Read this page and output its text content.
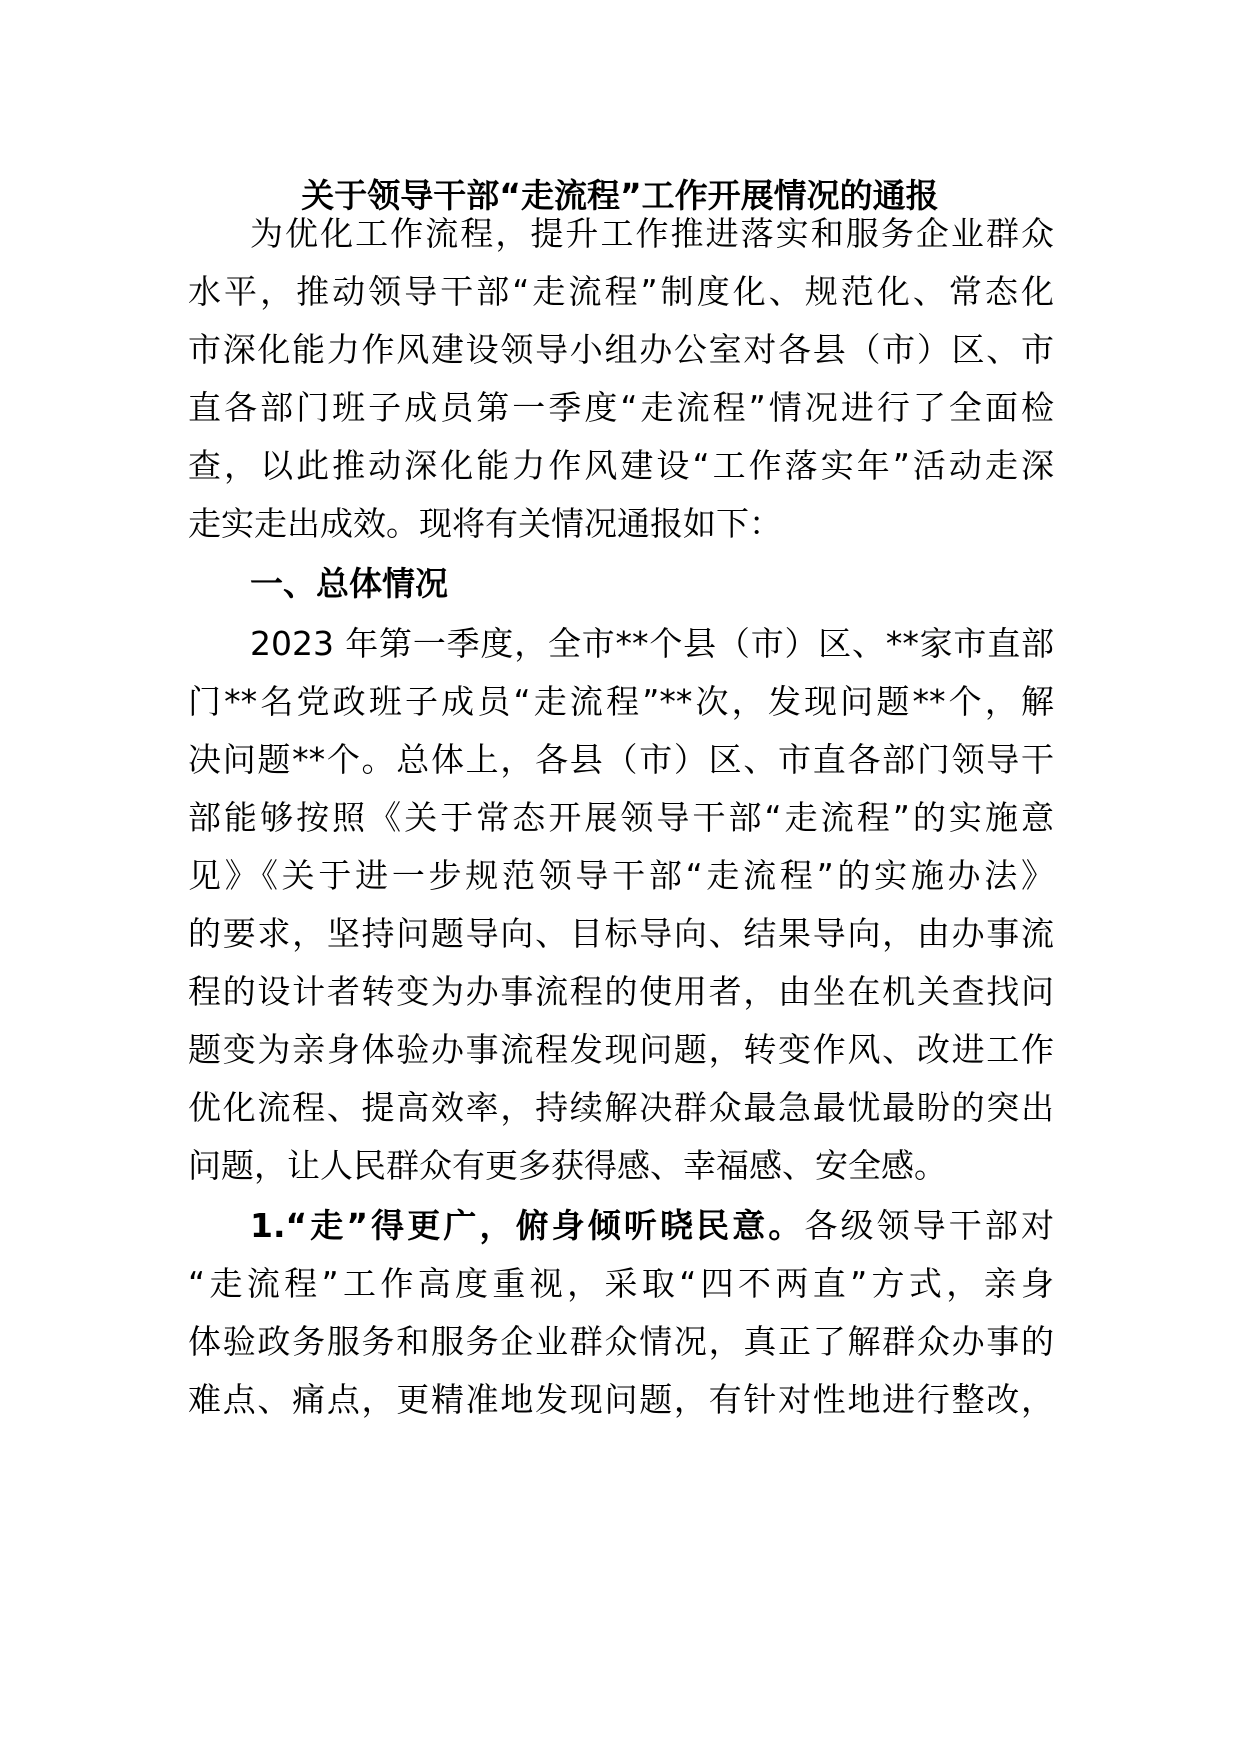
关于领导干部“走流程”工作开展情况的通报
为优化工作流程，提升工作推进落实和服务企业群众
水平，推动领导干部“走流程”制度化、规范化、常态化
市深化能力作风建设领导小组办公室对各县（市）区、市
直各部门班子成员第一季度“走流程”情况进行了全面检
查，以此推动深化能力作风建设“工作落实年”活动走深
走实走出成效。现将有关情况通报如下：
一、总体情况
2023 年第一季度，全市**个县（市）区、**家市直部
门**名党政班子成员“走流程”**次，发现问题**个，解
决问题**个。总体上，各县（市）区、市直各部门领导干
部能够按照《关于常态开展领导干部“走流程”的实施意
见》《关于进一步规范领导干部“走流程”的实施办法》
的要求，坚持问题导向、目标导向、结果导向，由办事流
程的设计者转变为办事流程的使用者，由坐在机关查找问
题变为亲身体验办事流程发现问题，转变作风、改进工作
优化流程、提高效率，持续解决群众最急最忧最盼的突出
问题，让人民群众有更多获得感、幸福感、安全感。
1.“走”得更广，俯身倾听晓民意。各级领导干部对
“走流程”工作高度重视，采取“四不两直”方式，亲身
体验政务服务和服务企业群众情况，真正了解群众办事的
难点、痛点，更精准地发现问题，有针对性地进行整改，
